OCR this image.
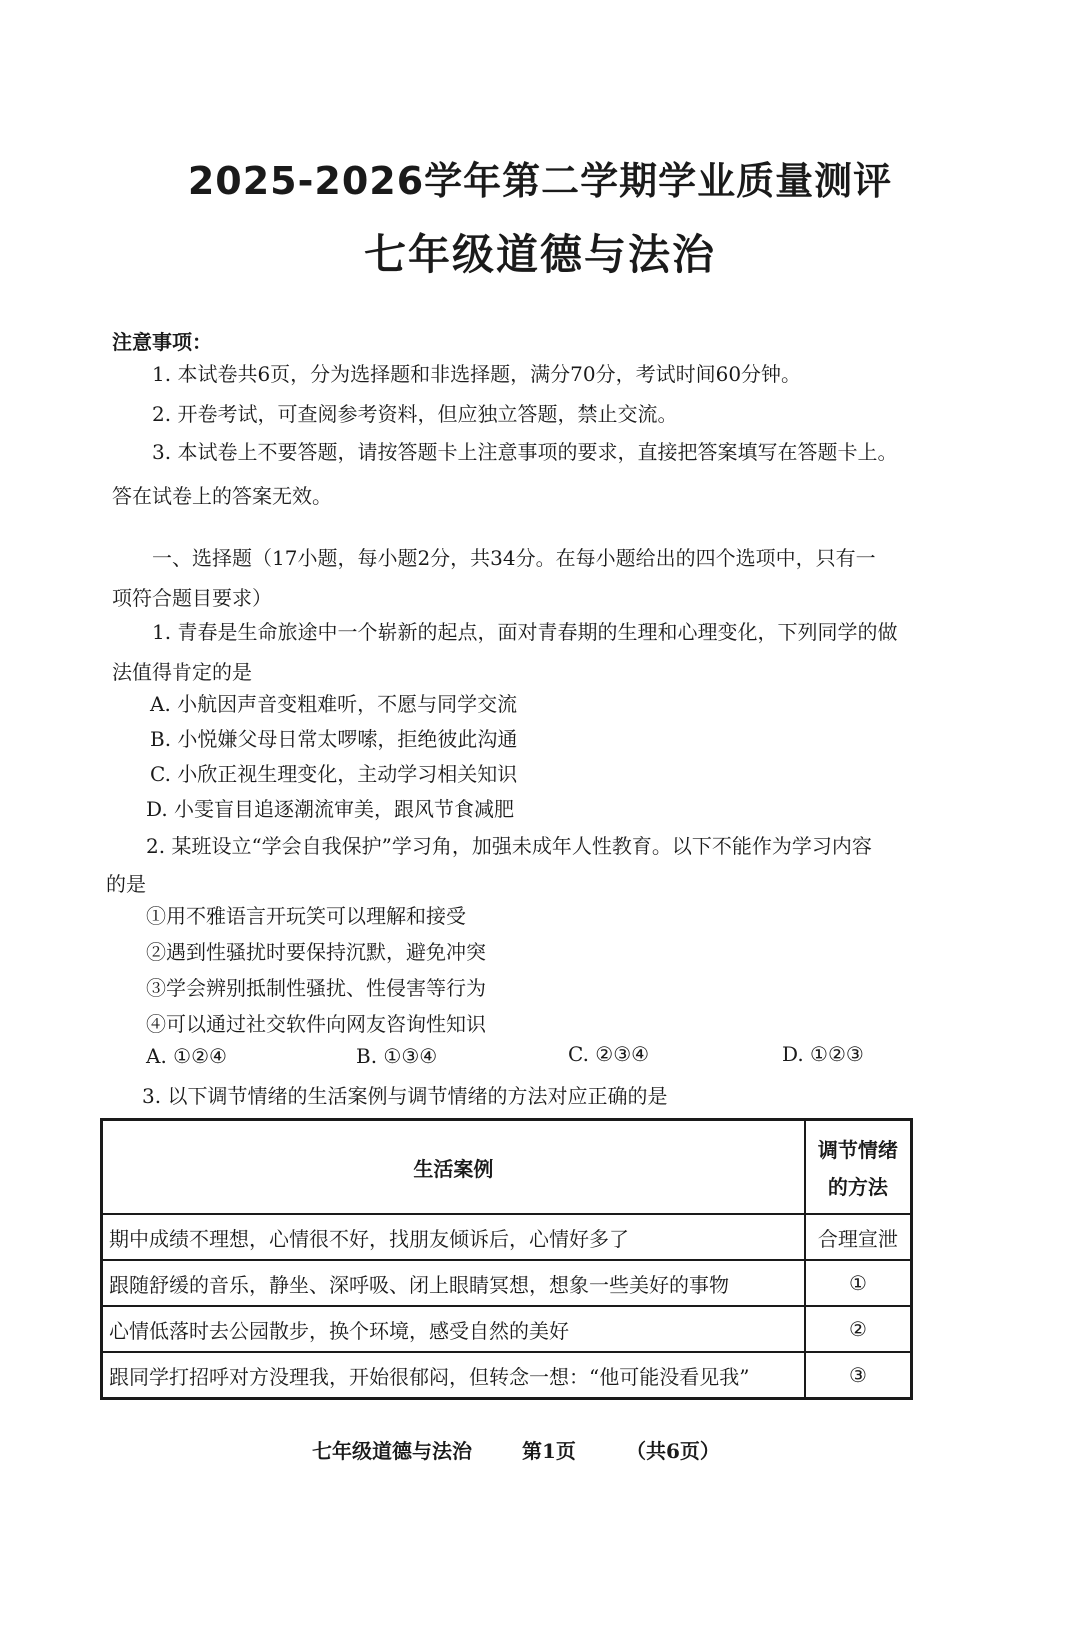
2025-2026学年第二学期学业质量测评
七年级道德与法治
注意事项：
1. 本试卷共6页，分为选择题和非选择题，满分70分，考试时间60分钟。
2. 开卷考试，可查阅参考资料，但应独立答题，禁止交流。
3. 本试卷上不要答题，请按答题卡上注意事项的要求，直接把答案填写在答题卡上。
答在试卷上的答案无效。
一、选择题（17小题，每小题2分，共34分。在每小题给出的四个选项中，只有一
项符合题目要求）
1. 青春是生命旅途中一个崭新的起点，面对青春期的生理和心理变化，下列同学的做
法值得肯定的是
A. 小航因声音变粗难听，不愿与同学交流
B. 小悦嫌父母日常太啰嗦，拒绝彼此沟通
C. 小欣正视生理变化，主动学习相关知识
D. 小雯盲目追逐潮流审美，跟风节食减肥
2. 某班设立“学会自我保护”学习角，加强未成年人性教育。以下不能作为学习内容
的是
①用不雅语言开玩笑可以理解和接受
②遇到性骚扰时要保持沉默，避免冲突
③学会辨别抵制性骚扰、性侵害等行为
④可以通过社交软件向网友咨询性知识
A. ①②④	B. ①③④	C. ②③④	D. ①②③
3. 以下调节情绪的生活案例与调节情绪的方法对应正确的是
生活案例	调节情绪
的方法

期中成绩不理想，心情很不好，找朋友倾诉后，心情好多了	合理宣泄
跟随舒缓的音乐，静坐、深呼吸、闭上眼睛冥想，想象一些美好的事物	①
心情低落时去公园散步，换个环境，感受自然的美好	②
跟同学打招呼对方没理我，开始很郁闷，但转念一想：“他可能没看见我”	③
七年级道德与法治	第1页	（共6页）
